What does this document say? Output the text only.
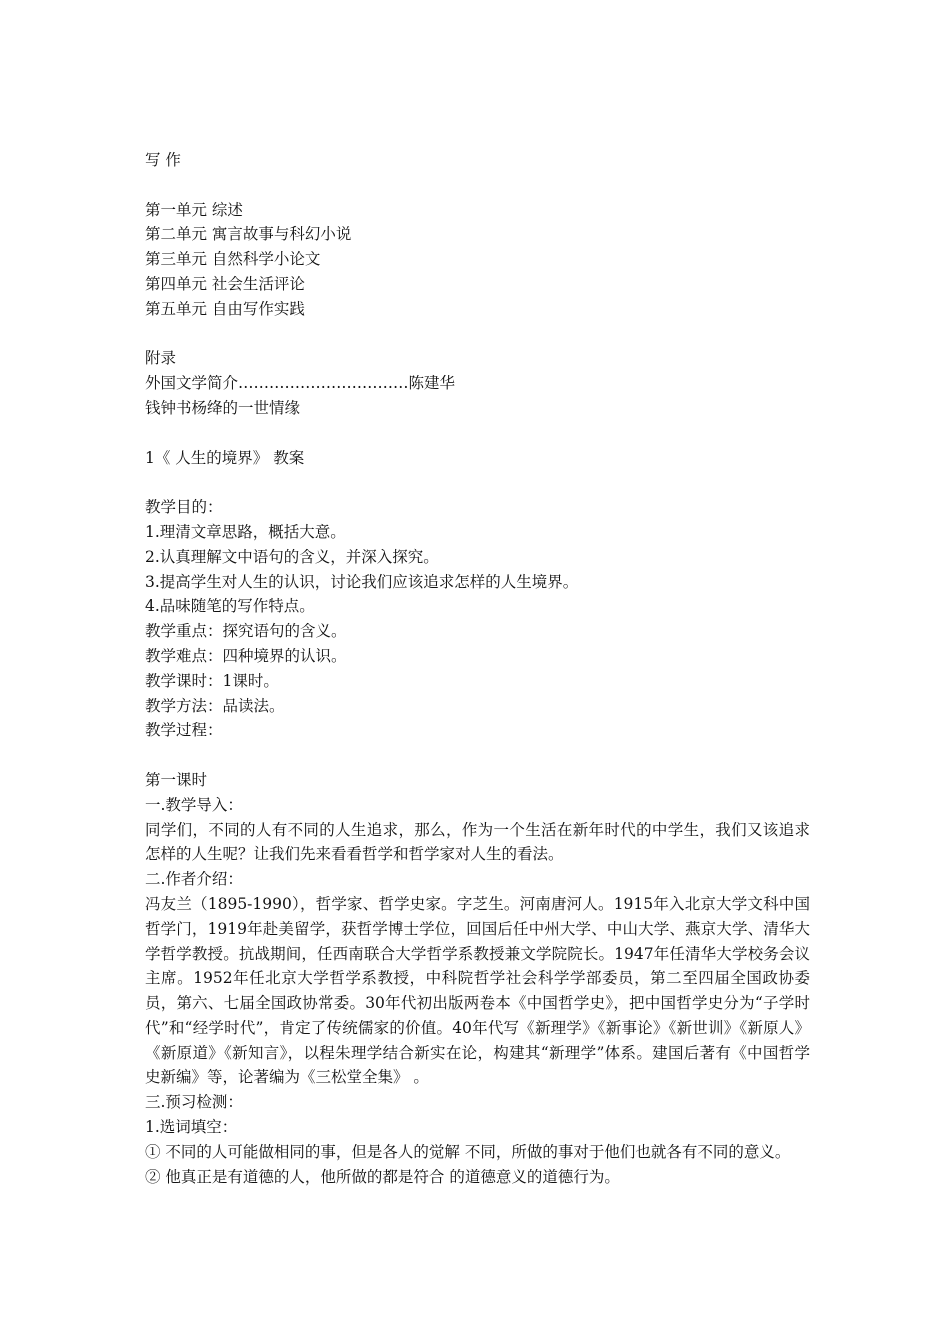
写 作
第一单元 综述
第二单元 寓言故事与科幻小说
第三单元 自然科学小论文
第四单元 社会生活评论
第五单元 自由写作实践
附录
外国文学简介……………………………陈建华
钱钟书杨绛的一世情缘
1《 人生的境界》 教案
教学目的：
1.理清文章思路，概括大意。
2.认真理解文中语句的含义，并深入探究。
3.提高学生对人生的认识，讨论我们应该追求怎样的人生境界。
4.品味随笔的写作特点。
教学重点：探究语句的含义。
教学难点：四种境界的认识。
教学课时：1课时。
教学方法：品读法。
教学过程：
第一课时
一.教学导入：
同学们，不同的人有不同的人生追求，那么，作为一个生活在新年时代的中学生，我们又该追求怎样的人生呢？让我们先来看看哲学和哲学家对人生的看法。
二.作者介绍：
冯友兰（1895-1990），哲学家、哲学史家。字芝生。河南唐河人。1915年入北京大学文科中国哲学门，1919年赴美留学，获哲学博士学位，回国后任中州大学、中山大学、燕京大学、清华大学哲学教授。抗战期间，任西南联合大学哲学系教授兼文学院院长。1947年任清华大学校务会议主席。1952年任北京大学哲学系教授，中科院哲学社会科学学部委员，第二至四届全国政协委员，第六、七届全国政协常委。30年代初出版两卷本《中国哲学史》，把中国哲学史分为“子学时代”和“经学时代”，肯定了传统儒家的价值。40年代写《新理学》《新事论》《新世训》《新原人》《新原道》《新知言》，以程朱理学结合新实在论，构建其“新理学”体系。建国后著有《中国哲学史新编》等，论著编为《三松堂全集》 。
三.预习检测：
1.选词填空：
① 不同的人可能做相同的事，但是各人的觉解 不同，所做的事对于他们也就各有不同的意义。
② 他真正是有道德的人，他所做的都是符合 的道德意义的道德行为。
